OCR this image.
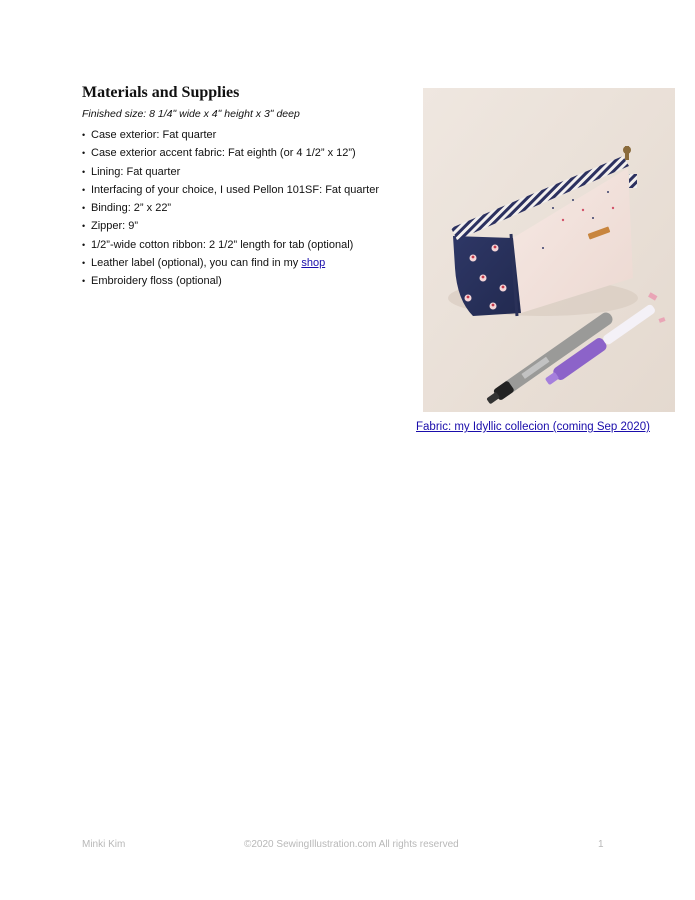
Materials and Supplies
Finished size: 8 1/4ʺ wide x 4ʺ height x 3ʺ deep
• Case exterior: Fat quarter
• Case exterior accent fabric: Fat eighth (or 4 1/2” x 12”)
• Lining: Fat quarter
• Interfacing of your choice, I used Pellon 101SF: Fat quarter
• Binding: 2” x 22”
• Zipper: 9”
• 1/2”-wide cotton ribbon: 2 1/2” length for tab (optional)
• Leather label (optional), you can find in my shop
• Embroidery floss (optional)
Fabric: my Idyllic collecion (coming Sep 2020)
Minki Kim	©2020 SewingIllustration.com All rights reserved	1
